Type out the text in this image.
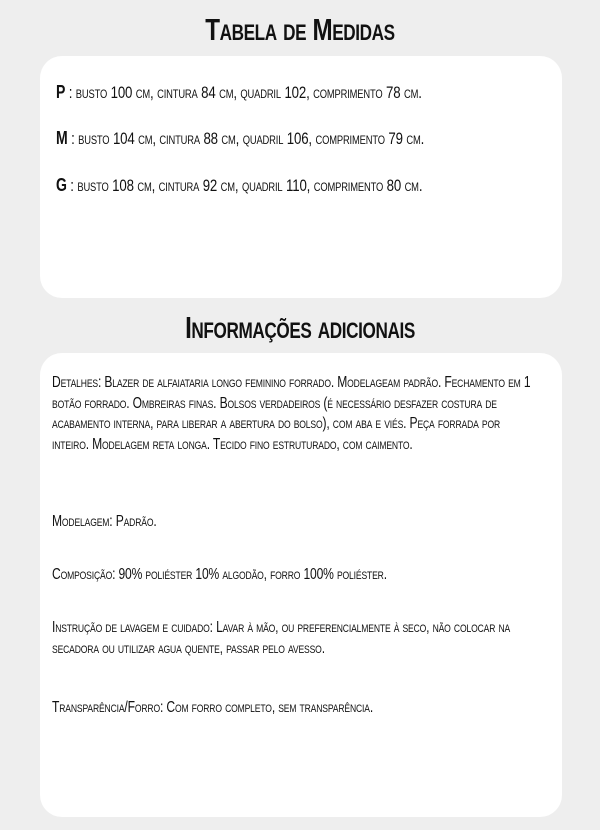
Tabela de Medidas
P : busto 100 cm, cintura 84 cm, quadril 102, comprimento 78 cm.
M : busto 104 cm, cintura 88 cm, quadril 106, comprimento 79 cm.
G : busto 108 cm, cintura 92 cm, quadril 110, comprimento 80 cm.
Informações adicionais
Detalhes: Blazer de alfaiataria longo feminino forrado. Modelageam padrão. Fechamento em 1 botão forrado. Ombreiras finas. Bolsos verdadeiros (é necessário desfazer costura de acabamento interna, para liberar a abertura do bolso), com aba e viés. Peça forrada por inteiro. Modelagem reta longa. Tecido fino estruturado, com caimento.
Modelagem: Padrão.
Composição: 90% poliéster 10% algodão, forro 100% poliéster.
Instrução de lavagem e cuidado: Lavar à mão, ou preferencialmente à seco, não colocar na secadora ou utilizar agua quente, passar pelo avesso.
Transparência/Forro: Com forro completo, sem transparência.
